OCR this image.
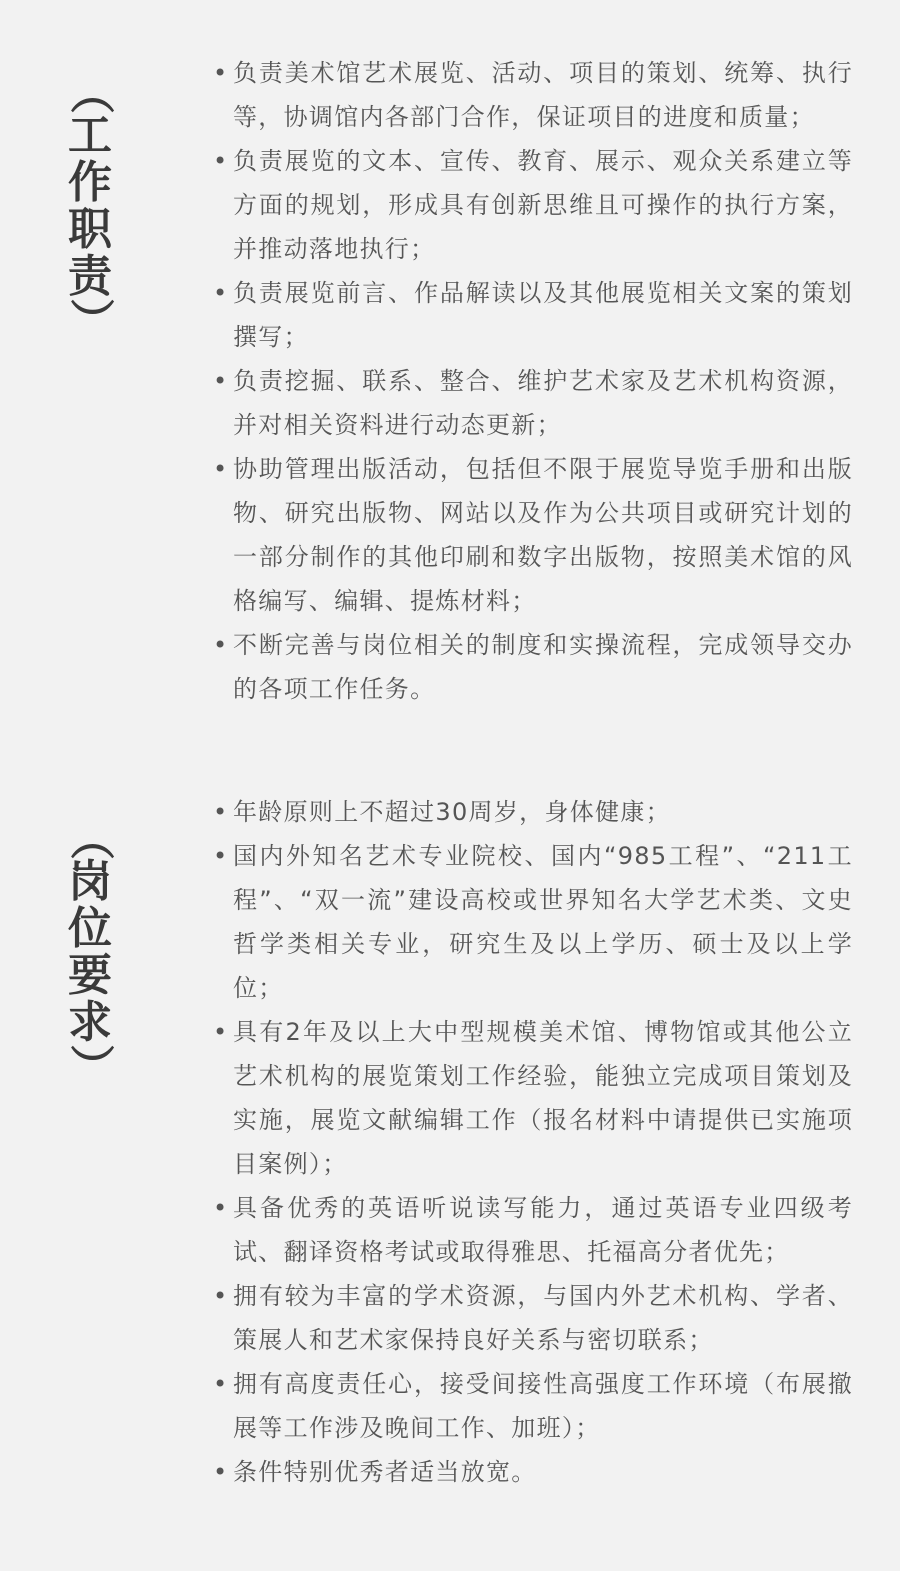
（
工
作
职
责
）
• 负责美术馆艺术展览、活动、项目的策划、统筹、执行等，协调馆内各部门合作，保证项目的进度和质量；
• 负责展览的文本、宣传、教育、展示、观众关系建立等方面的规划，形成具有创新思维且可操作的执行方案，并推动落地执行；
• 负责展览前言、作品解读以及其他展览相关文案的策划撰写；
• 负责挖掘、联系、整合、维护艺术家及艺术机构资源，并对相关资料进行动态更新；
• 协助管理出版活动，包括但不限于展览导览手册和出版物、研究出版物、网站以及作为公共项目或研究计划的一部分制作的其他印刷和数字出版物，按照美术馆的风格编写、编辑、提炼材料；
• 不断完善与岗位相关的制度和实操流程，完成领导交办的各项工作任务。
（
岗
位
要
求
）
• 年龄原则上不超过30周岁，身体健康；
• 国内外知名艺术专业院校、国内“985工程”、“211工程”、“双一流”建设高校或世界知名大学艺术类、文史哲学类相关专业，研究生及以上学历、硕士及以上学位；
• 具有2年及以上大中型规模美术馆、博物馆或其他公立艺术机构的展览策划工作经验，能独立完成项目策划及实施，展览文献编辑工作（报名材料中请提供已实施项目案例）；
• 具备优秀的英语听说读写能力，通过英语专业四级考试、翻译资格考试或取得雅思、托福高分者优先；
• 拥有较为丰富的学术资源，与国内外艺术机构、学者、策展人和艺术家保持良好关系与密切联系；
• 拥有高度责任心，接受间接性高强度工作环境（布展撤展等工作涉及晚间工作、加班）；
• 条件特别优秀者适当放宽。
